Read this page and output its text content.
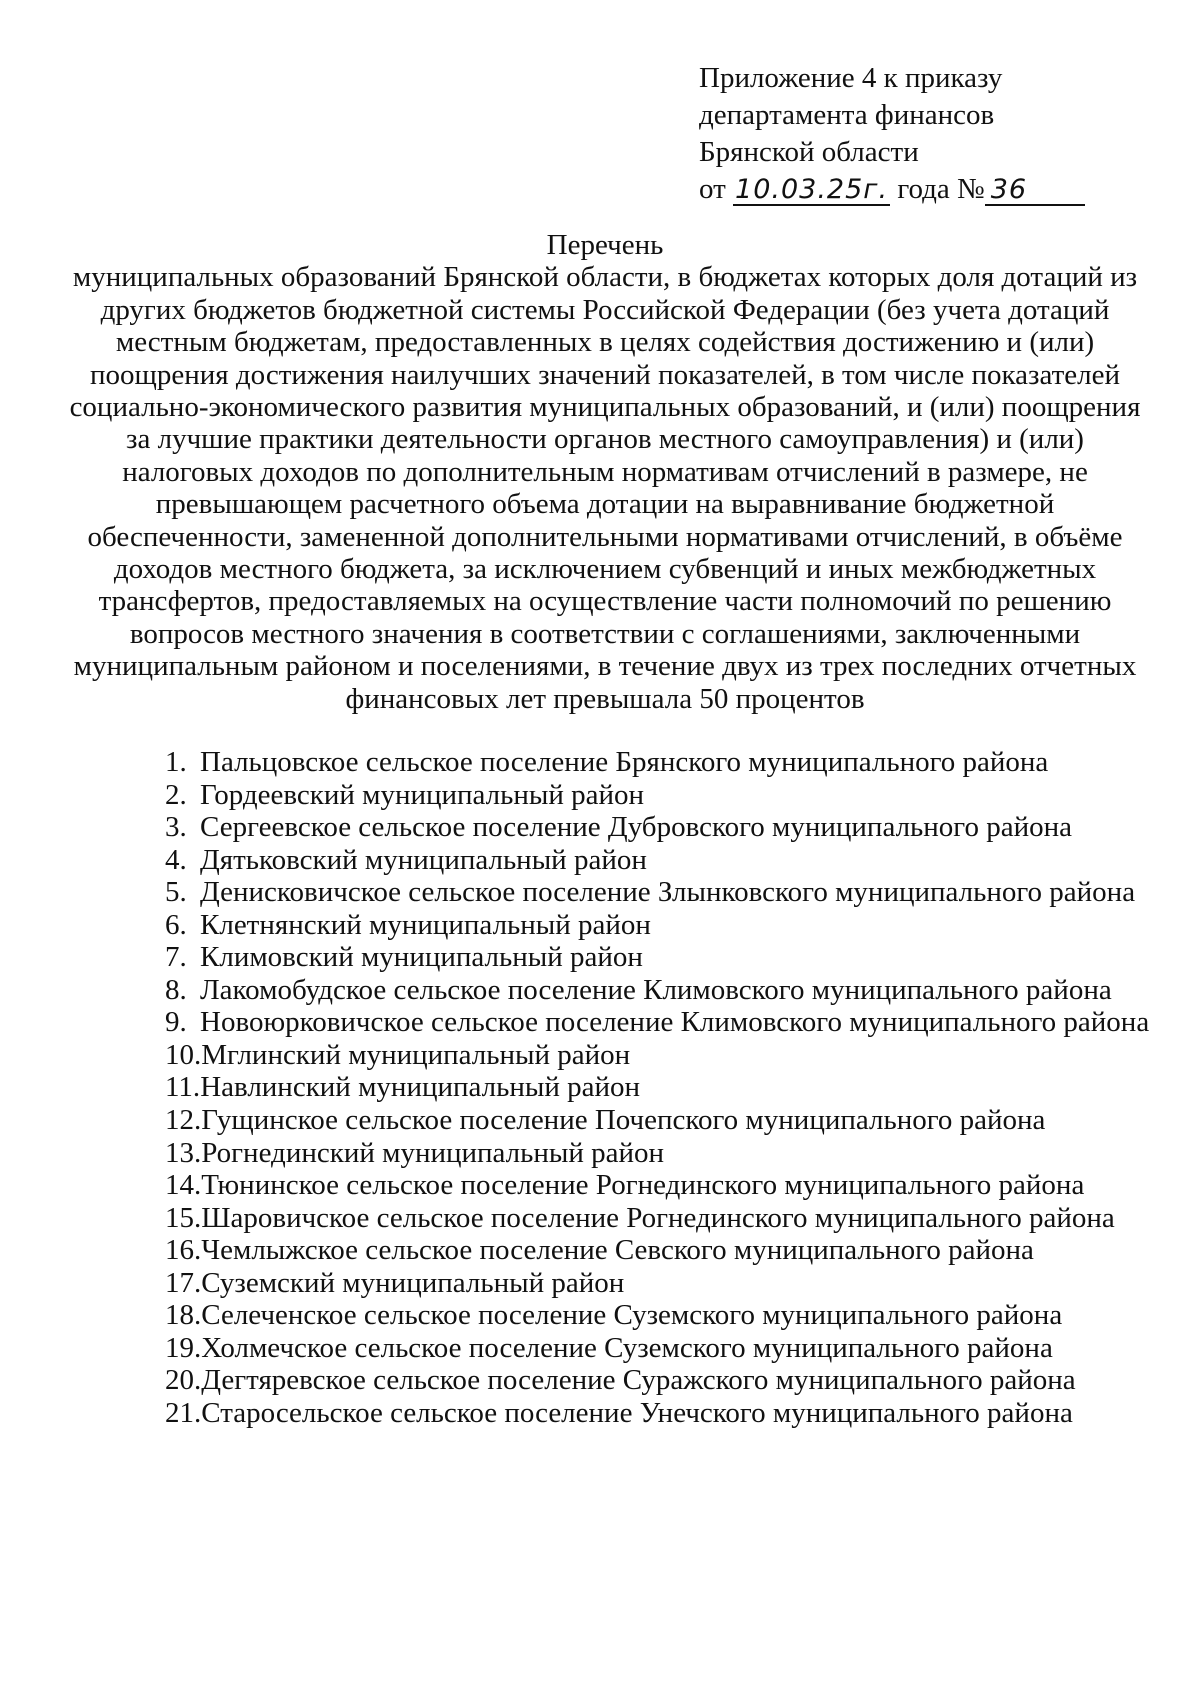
Приложение 4 к приказу
департамента финансов
Брянской области
от 10.03.25г. года № 36
Перечень
муниципальных образований Брянской области, в бюджетах которых доля дотаций из других бюджетов бюджетной системы Российской Федерации (без учета дотаций местным бюджетам, предоставленных в целях содействия достижению и (или) поощрения достижения наилучших значений показателей, в том числе показателей социально-экономического развития муниципальных образований, и (или) поощрения за лучшие практики деятельности органов местного самоуправления) и (или) налоговых доходов по дополнительным нормативам отчислений в размере, не превышающем расчетного объема дотации на выравнивание бюджетной обеспеченности, замененной дополнительными нормативами отчислений, в объёме доходов местного бюджета, за исключением субвенций и иных межбюджетных трансфертов, предоставляемых на осуществление части полномочий по решению вопросов местного значения в соответствии с соглашениями, заключенными муниципальным районом и поселениями, в течение двух из трех последних отчетных финансовых лет превышала 50 процентов
1. Пальцовское сельское поселение Брянского муниципального района
2. Гордеевский муниципальный район
3. Сергеевское сельское поселение Дубровского муниципального района
4. Дятьковский муниципальный район
5. Денисковичское сельское поселение Злынковского муниципального района
6. Клетнянский муниципальный район
7. Климовский муниципальный район
8. Лакомобудское сельское поселение Климовского муниципального района
9. Новоюрковичское сельское поселение Климовского муниципального района
10.Мглинский муниципальный район
11.Навлинский муниципальный район
12.Гущинское сельское поселение Почепского муниципального района
13.Рогнединский муниципальный район
14.Тюнинское сельское поселение Рогнединского муниципального района
15.Шаровичское сельское поселение Рогнединского муниципального района
16.Чемлыжское сельское поселение Севского муниципального района
17.Суземский муниципальный район
18.Селеченское сельское поселение Суземского муниципального района
19.Холмечское сельское поселение Суземского муниципального района
20.Дегтяревское сельское поселение Суражского муниципального района
21.Старосельское сельское поселение Унечского муниципального района
